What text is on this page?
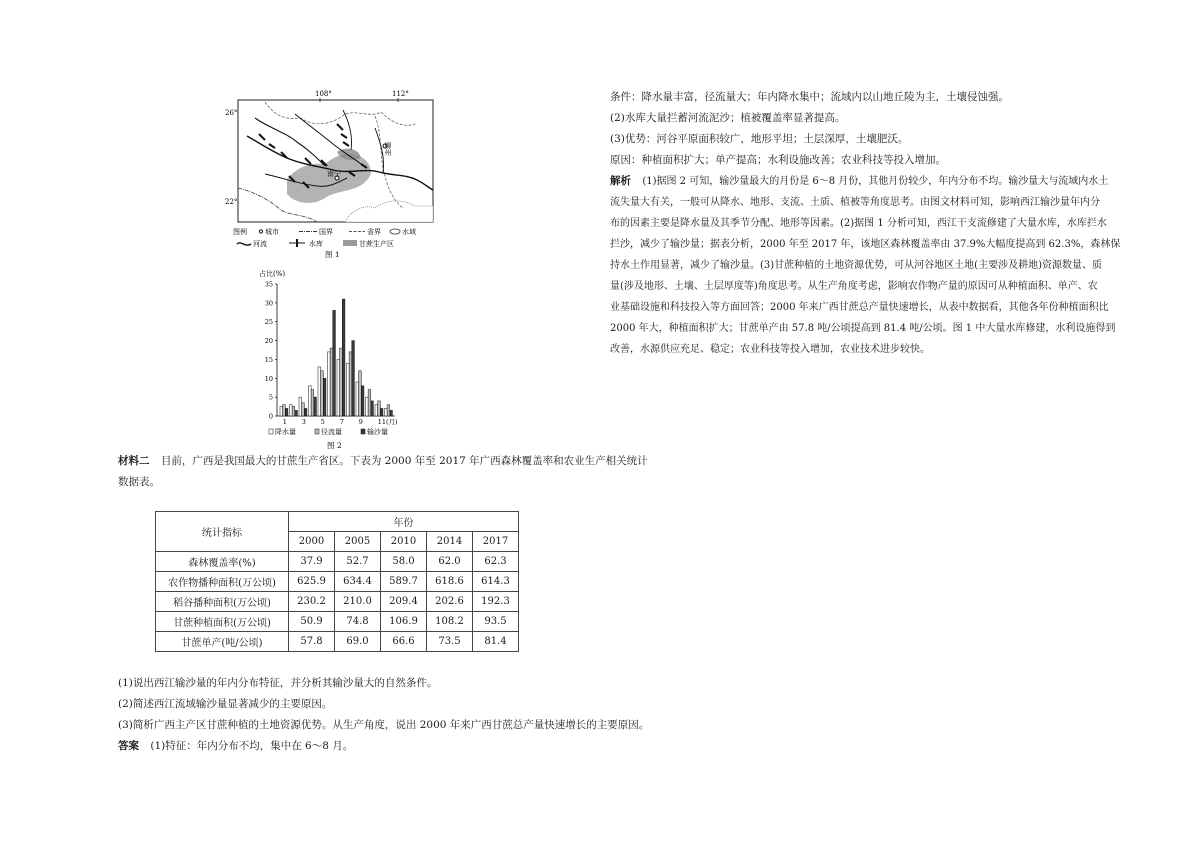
108°	112°
26°
22°
柳州
南宁
图例	城市	国界	省界	水域
河流	水库	甘蔗生产区
图 1
占比(%)
0
5
10
15
20
25
30
35
1 3 5 7 9 11(月)
降水量	径流量	输沙量
图 2
材料二 目前，广西是我国最大的甘蔗生产省区。下表为 2000 年至 2017 年广西森林覆盖率和农业生产相关统计
数据表。
统计指标	年份				
	2000	2005	2010	2014	2017
森林覆盖率(%)	37.9	52.7	58.0	62.0	62.3
农作物播种面积(万公顷)	625.9	634.4	589.7	618.6	614.3
稻谷播种面积(万公顷)	230.2	210.0	209.4	202.6	192.3
甘蔗种植面积(万公顷)	50.9	74.8	106.9	108.2	93.5
甘蔗单产(吨/公顷)	57.8	69.0	66.6	73.5	81.4

(1)说出西江输沙量的年内分布特征，并分析其输沙量大的自然条件。

(2)简述西江流域输沙量显著减少的主要原因。

(3)简析广西主产区甘蔗种植的土地资源优势。从生产角度，说出 2000 年来广西甘蔗总产量快速增长的主要原因。

答案 (1)特征：年内分布不均，集中在 6～8 月。

条件：降水量丰富，径流量大；年内降水集中；流域内以山地丘陵为主，土壤侵蚀强。

(2)水库大量拦蓄河流泥沙；植被覆盖率显著提高。

(3)优势：河谷平原面积较广，地形平坦；土层深厚，土壤肥沃。

原因：种植面积扩大；单产提高；水利设施改善；农业科技等投入增加。

解析 (1)据图 2 可知，输沙量最大的月份是 6～8 月份，其他月份较少，年内分布不均。输沙量大与流域内水土

流失量大有关，一般可从降水、地形、支流、土质、植被等角度思考。由图文材料可知，影响西江输沙量年内分

布的因素主要是降水量及其季节分配、地形等因素。(2)据图 1 分析可知，西江干支流修建了大量水库，水库拦水

拦沙，减少了输沙量；据表分析，2000 年至 2017 年，该地区森林覆盖率由 37.9%大幅度提高到 62.3%，森林保

持水土作用显著，减少了输沙量。(3)甘蔗种植的土地资源优势，可从河谷地区土地(主要涉及耕地)资源数量、质

量(涉及地形、土壤、土层厚度等)角度思考。从生产角度考虑，影响农作物产量的原因可从种植面积、单产、农

业基础设施和科技投入等方面回答；2000 年来广西甘蔗总产量快速增长，从表中数据看，其他各年份种植面积比

2000 年大，种植面积扩大；甘蔗单产由 57.8 吨/公顷提高到 81.4 吨/公顷。图 1 中大量水库修建，水利设施得到

改善，水源供应充足、稳定；农业科技等投入增加，农业技术进步较快。
